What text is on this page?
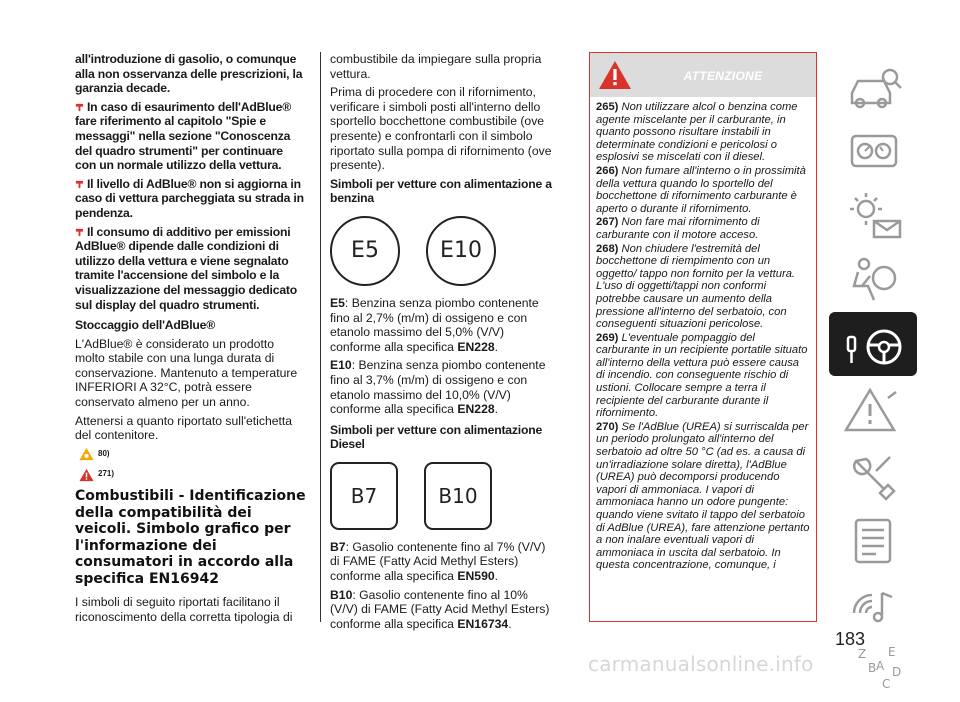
all'introduzione di gasolio, o comunque alla non osservanza delle prescrizioni, la garanzia decade.

In caso di esaurimento dell'AdBlue® fare riferimento al capitolo "Spie e messaggi" nella sezione "Conoscenza del quadro strumenti" per continuare con un normale utilizzo della vettura.

Il livello di AdBlue® non si aggiorna in caso di vettura parcheggiata su strada in pendenza.

Il consumo di additivo per emissioni AdBlue® dipende dalle condizioni di utilizzo della vettura e viene segnalato tramite l'accensione del simbolo e la visualizzazione del messaggio dedicato sul display del quadro strumenti.

Stoccaggio dell'AdBlue®

L'AdBlue® è considerato un prodotto molto stabile con una lunga durata di conservazione. Mantenuto a temperature INFERIORI A 32°C, potrà essere conservato almeno per un anno.

Attenersi a quanto riportato sull'etichetta del contenitore.

80)
271)
Combustibili - Identificazione della compatibilità dei veicoli. Simbolo grafico per l'informazione dei consumatori in accordo alla specifica EN16942

I simboli di seguito riportati facilitano il riconoscimento della corretta tipologia di

combustibile da impiegare sulla propria vettura.

Prima di procedere con il rifornimento, verificare i simboli posti all'interno dello sportello bocchettone combustibile (ove presente) e confrontarli con il simbolo riportato sulla pompa di rifornimento (ove presente).

Simboli per vetture con alimentazione a benzina

E5	E10

E5: Benzina senza piombo contenente fino al 2,7% (m/m) di ossigeno e con etanolo massimo del 5,0% (V/V) conforme alla specifica EN228.

E10: Benzina senza piombo contenente fino al 3,7% (m/m) di ossigeno e con etanolo massimo del 10,0% (V/V) conforme alla specifica EN228.

Simboli per vetture con alimentazione Diesel

B7	B10

B7: Gasolio contenente fino al 7% (V/V) di FAME (Fatty Acid Methyl Esters) conforme alla specifica EN590.

B10: Gasolio contenente fino al 10% (V/V) di FAME (Fatty Acid Methyl Esters) conforme alla specifica EN16734.

ATTENZIONE

265) Non utilizzare alcol o benzina come agente miscelante per il carburante, in quanto possono risultare instabili in determinate condizioni e pericolosi o esplosivi se miscelati con il diesel.

266) Non fumare all'interno o in prossimità della vettura quando lo sportello del bocchettone di rifornimento carburante è aperto o durante il rifornimento.

267) Non fare mai rifornimento di carburante con il motore acceso.

268) Non chiudere l'estremità del bocchettone di riempimento con un oggetto/ tappo non fornito per la vettura. L'uso di oggetti/tappi non conformi potrebbe causare un aumento della pressione all'interno del serbatoio, con conseguenti situazioni pericolose.

269) L'eventuale pompaggio del carburante in un recipiente portatile situato all'interno della vettura può essere causa di incendio. con conseguente rischio di ustioni. Collocare sempre a terra il recipiente del carburante durante il rifornimento.

270) Se l'AdBlue (UREA) si surriscalda per un periodo prolungato all'interno del serbatoio ad oltre 50 °C (ad es. a causa di un'irradiazione solare diretta), l'AdBlue (UREA) può decomporsi producendo vapori di ammoniaca. I vapori di ammoniaca hanno un odore pungente: quando viene svitato il tappo del serbatoio di AdBlue (UREA), fare attenzione pertanto a non inalare eventuali vapori di ammoniaca in uscita dal serbatoio. In questa concentrazione, comunque, i

Z
B
C
A D
E
183
carmanualsonline.info
